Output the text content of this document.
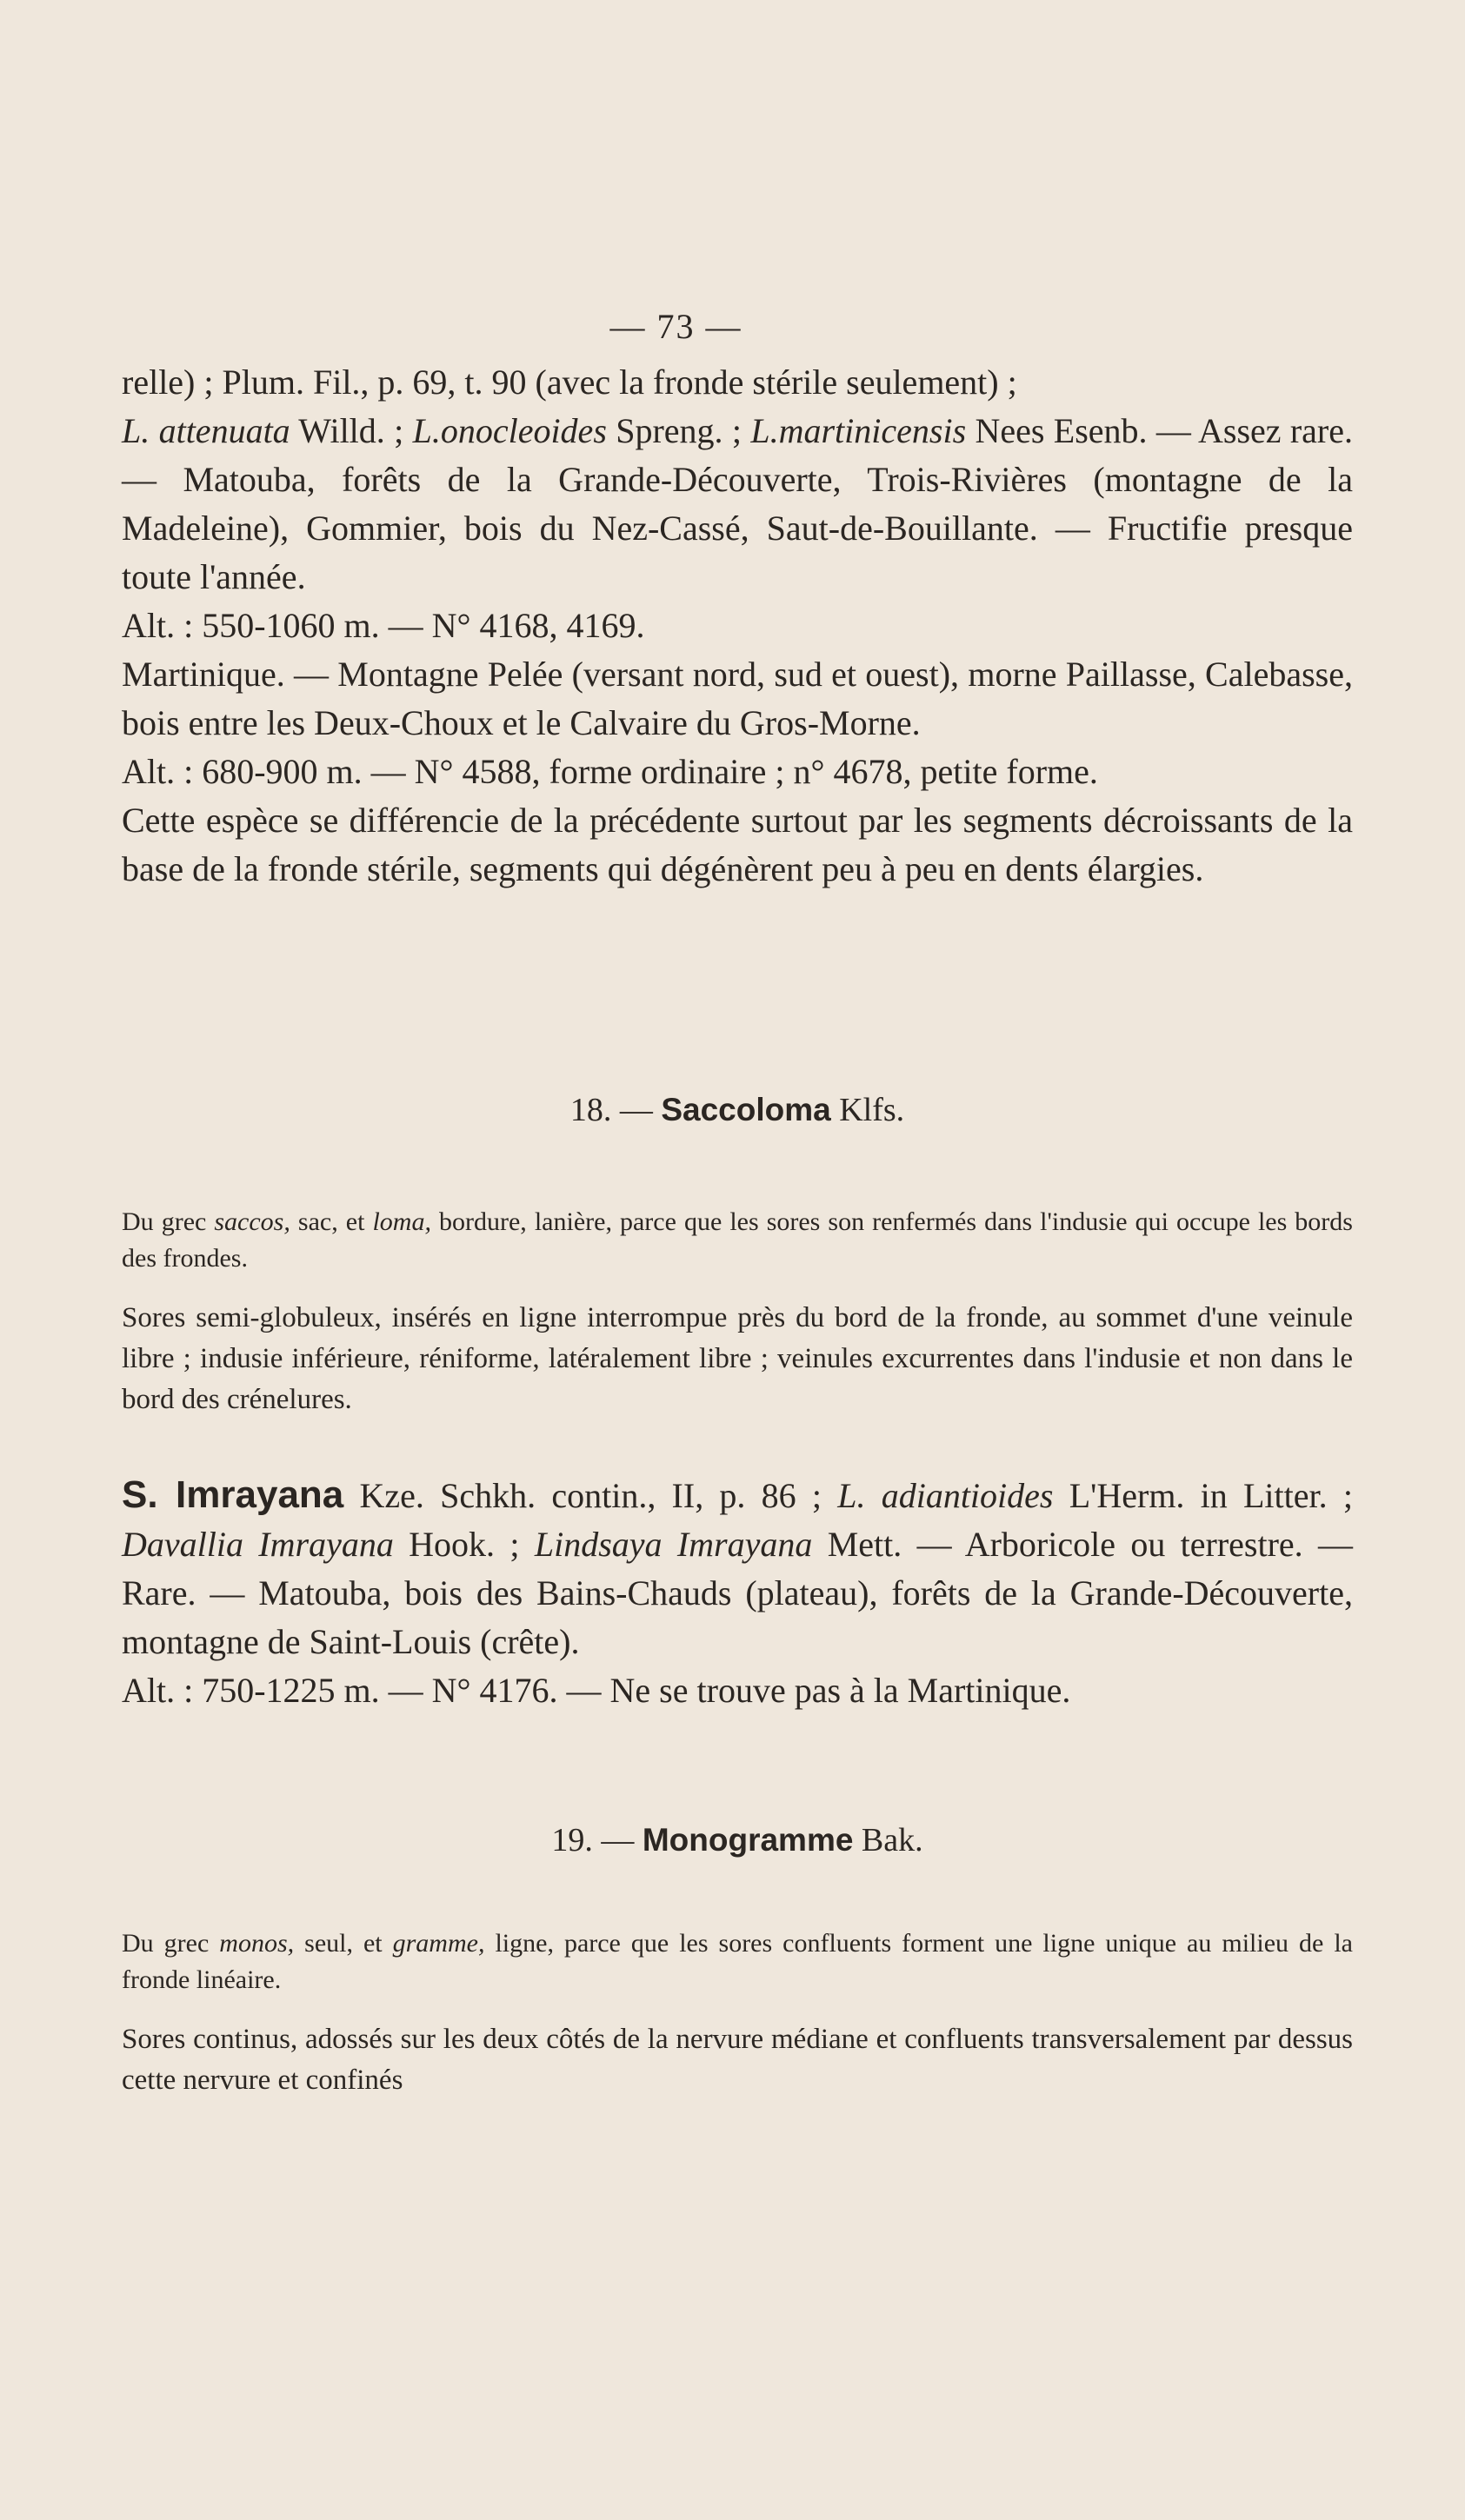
— 73 —

relle) ; Plum. Fil., p. 69, t. 90 (avec la fronde stérile seulement) ;

L. attenuata Willd. ; L.onocleoides Spreng. ; L.martinicensis Nees Esenb. — Assez rare. — Matouba, forêts de la Grande-Découverte, Trois-Rivières (montagne de la Madeleine), Gommier, bois du Nez-Cassé, Saut-de-Bouillante. — Fructifie presque toute l'année.

Alt. : 550-1060 m. — N° 4168, 4169.

Martinique. — Montagne Pelée (versant nord, sud et ouest), morne Paillasse, Calebasse, bois entre les Deux-Choux et le Calvaire du Gros-Morne.

Alt. : 680-900 m. — N° 4588, forme ordinaire ; n° 4678, petite forme.

Cette espèce se différencie de la précédente surtout par les segments décroissants de la base de la fronde stérile, segments qui dégénèrent peu à peu en dents élargies.

18. — Saccoloma Klfs.

Du grec saccos, sac, et loma, bordure, lanière, parce que les sores son renfermés dans l'indusie qui occupe les bords des frondes.

Sores semi-globuleux, insérés en ligne interrompue près du bord de la fronde, au sommet d'une veinule libre ; indusie inférieure, réniforme, latéralement libre ; veinules excurrentes dans l'indusie et non dans le bord des crénelures.

S. Imrayana Kze. Schkh. contin., II, p. 86 ; L. adiantioides L'Herm. in Litter. ; Davallia Imrayana Hook. ; Lindsaya Imrayana Mett. — Arboricole ou terrestre. — Rare. — Matouba, bois des Bains-Chauds (plateau), forêts de la Grande-Découverte, montagne de Saint-Louis (crête).

Alt. : 750-1225 m. — N° 4176. — Ne se trouve pas à la Martinique.

19. — Monogramme Bak.

Du grec monos, seul, et gramme, ligne, parce que les sores confluents forment une ligne unique au milieu de la fronde linéaire.

Sores continus, adossés sur les deux côtés de la nervure médiane et confluents transversalement par dessus cette nervure et confinés
